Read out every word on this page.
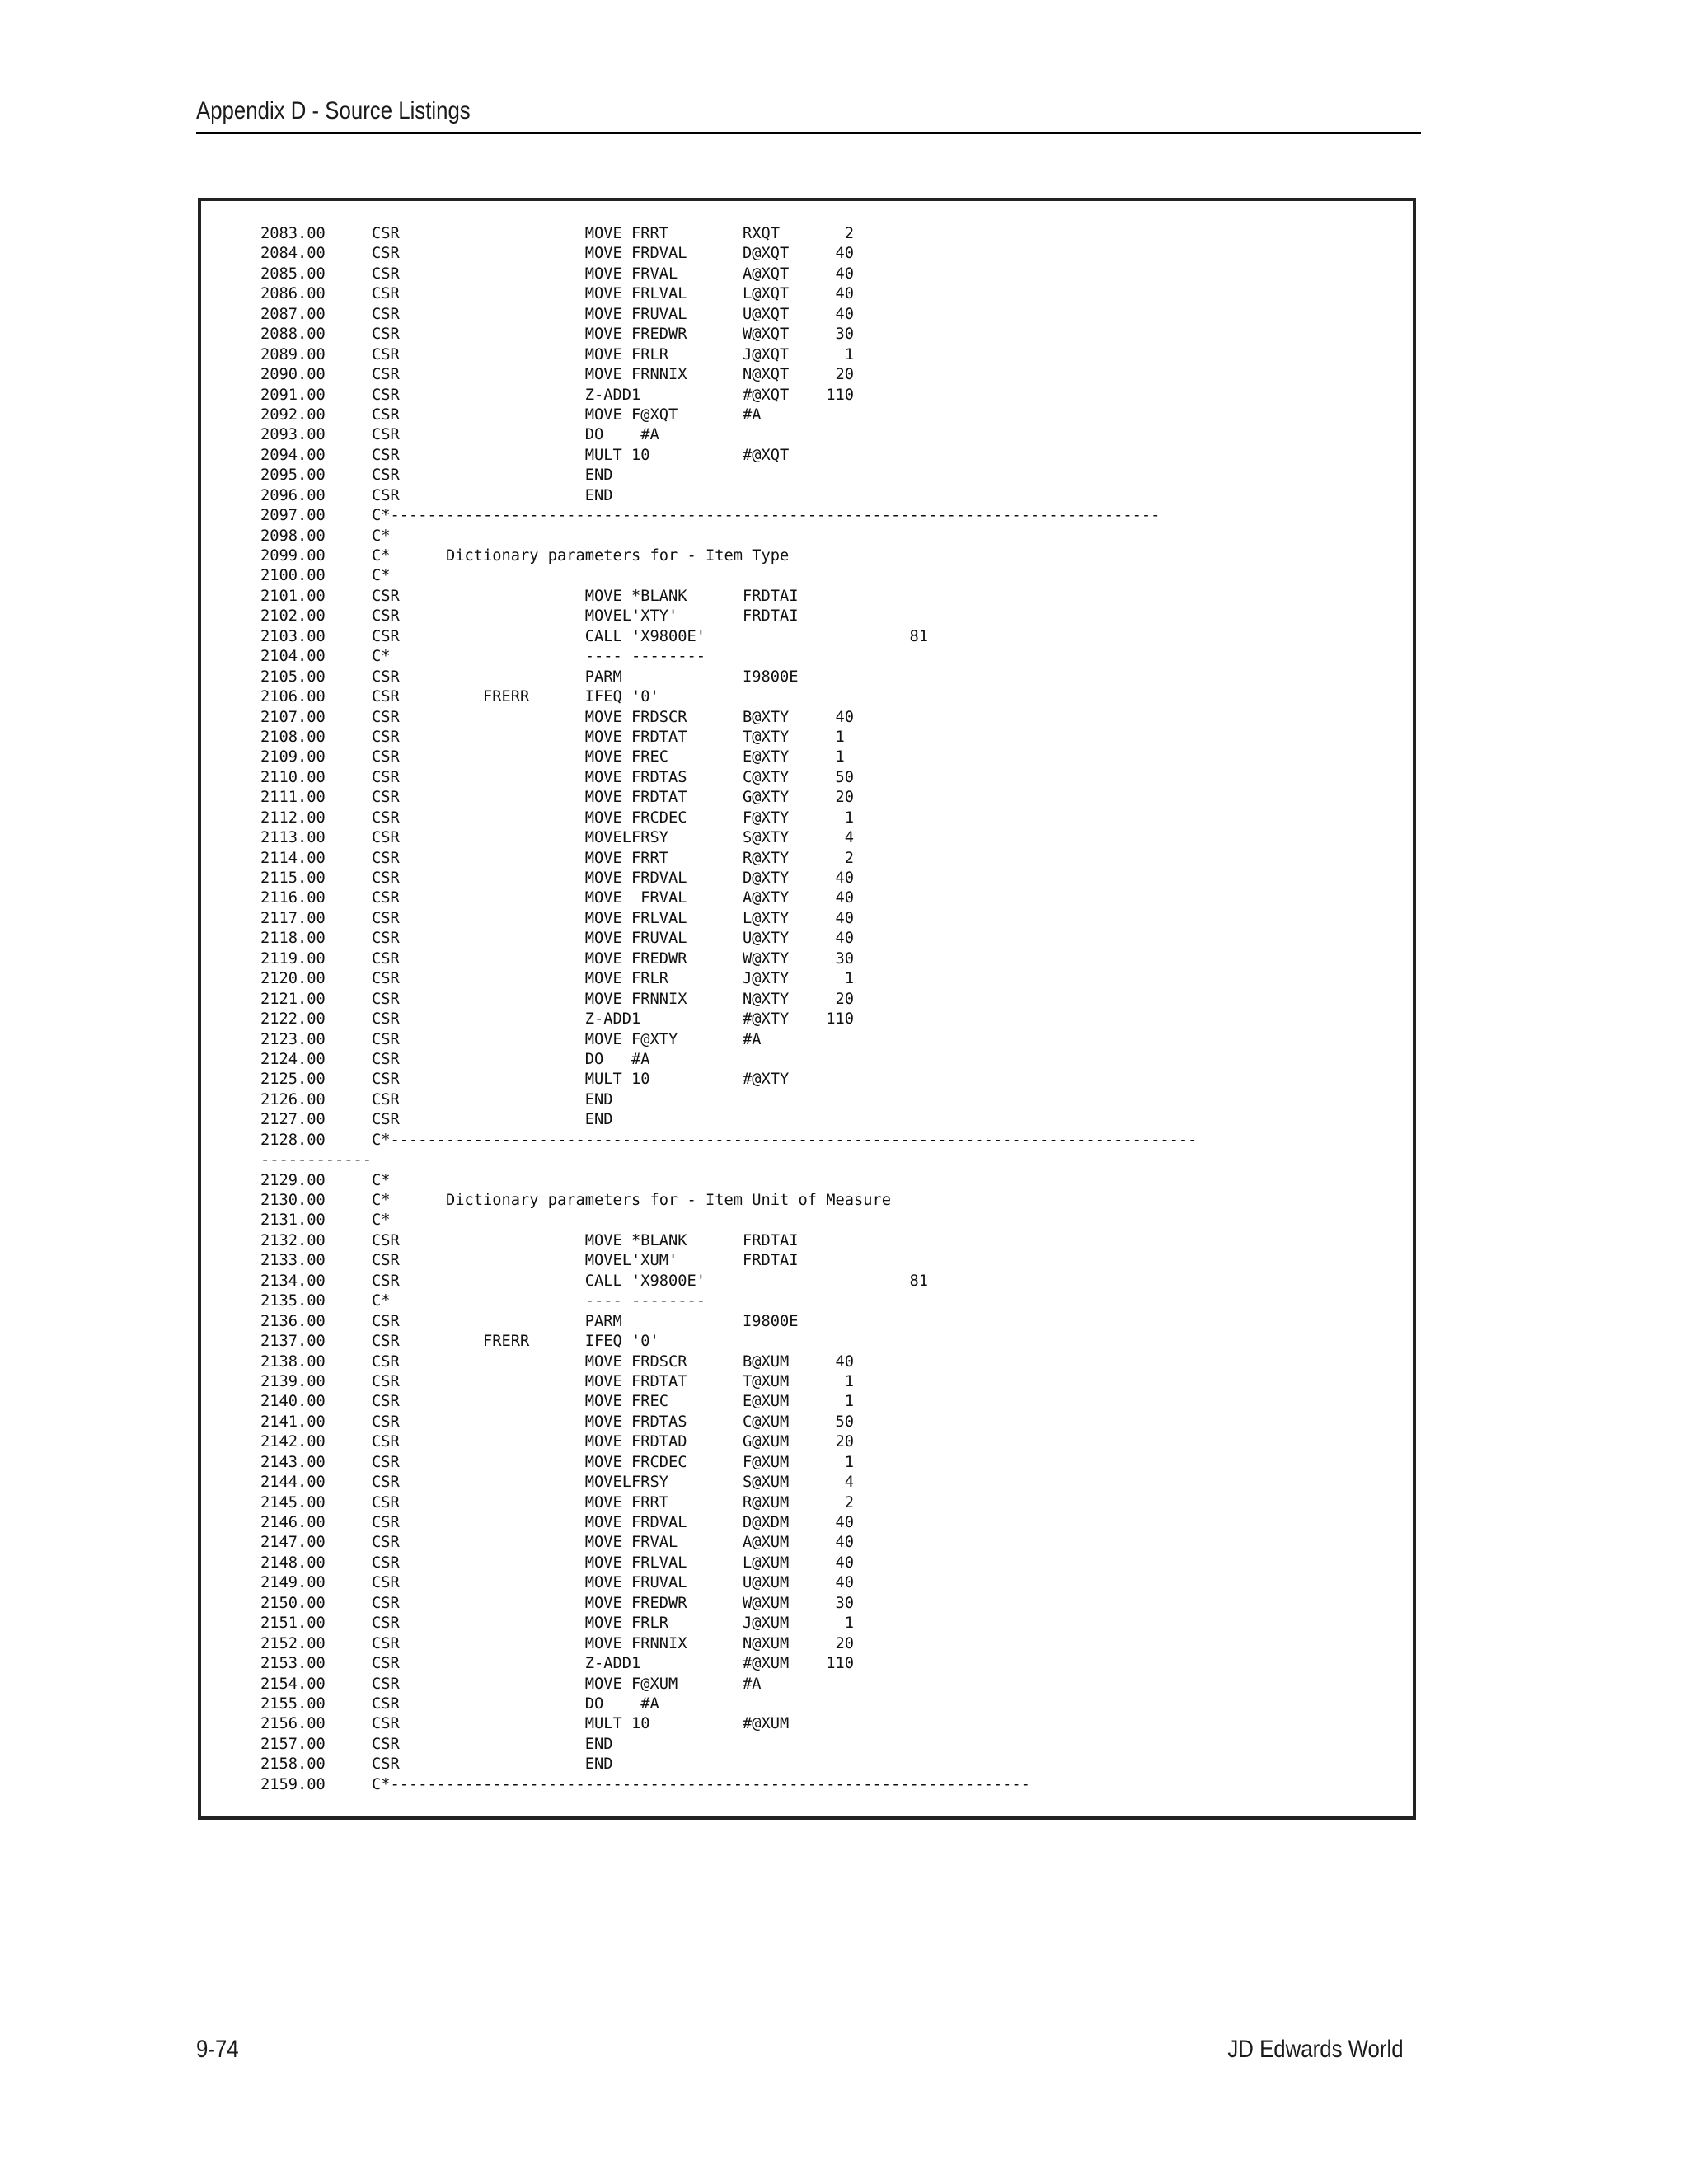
Appendix D - Source Listings
2083.00     CSR                    MOVE FRRT        RXQT       2
2084.00     CSR                    MOVE FRDVAL      D@XQT     40
2085.00     CSR                    MOVE FRVAL       A@XQT     40
2086.00     CSR                    MOVE FRLVAL      L@XQT     40
2087.00     CSR                    MOVE FRUVAL      U@XQT     40
2088.00     CSR                    MOVE FREDWR      W@XQT     30
2089.00     CSR                    MOVE FRLR        J@XQT      1
2090.00     CSR                    MOVE FRNNIX      N@XQT     20
2091.00     CSR                    Z-ADD1           #@XQT    110
2092.00     CSR                    MOVE F@XQT       #A
2093.00     CSR                    DO    #A
2094.00     CSR                    MULT 10          #@XQT
2095.00     CSR                    END
2096.00     CSR                    END
2097.00     C*-----------------------------------------------------------------------------------
2098.00     C*
2099.00     C*      Dictionary parameters for - Item Type
2100.00     C*
2101.00     CSR                    MOVE *BLANK      FRDTAI
2102.00     CSR                    MOVEL'XTY'       FRDTAI
2103.00     CSR                    CALL 'X9800E'                      81
2104.00     C*                     ---- --------
2105.00     CSR                    PARM             I9800E
2106.00     CSR         FRERR      IFEQ '0'
2107.00     CSR                    MOVE FRDSCR      B@XTY     40
2108.00     CSR                    MOVE FRDTAT      T@XTY     1
2109.00     CSR                    MOVE FREC        E@XTY     1
2110.00     CSR                    MOVE FRDTAS      C@XTY     50
2111.00     CSR                    MOVE FRDTAT      G@XTY     20
2112.00     CSR                    MOVE FRCDEC      F@XTY      1
2113.00     CSR                    MOVELFRSY        S@XTY      4
2114.00     CSR                    MOVE FRRT        R@XTY      2
2115.00     CSR                    MOVE FRDVAL      D@XTY     40
2116.00     CSR                    MOVE  FRVAL      A@XTY     40
2117.00     CSR                    MOVE FRLVAL      L@XTY     40
2118.00     CSR                    MOVE FRUVAL      U@XTY     40
2119.00     CSR                    MOVE FREDWR      W@XTY     30
2120.00     CSR                    MOVE FRLR        J@XTY      1
2121.00     CSR                    MOVE FRNNIX      N@XTY     20
2122.00     CSR                    Z-ADD1           #@XTY    110
2123.00     CSR                    MOVE F@XTY       #A
2124.00     CSR                    DO   #A
2125.00     CSR                    MULT 10          #@XTY
2126.00     CSR                    END
2127.00     CSR                    END
2128.00     C*---------------------------------------------------------------------------------------
------------
2129.00     C*
2130.00     C*      Dictionary parameters for - Item Unit of Measure
2131.00     C*
2132.00     CSR                    MOVE *BLANK      FRDTAI
2133.00     CSR                    MOVEL'XUM'       FRDTAI
2134.00     CSR                    CALL 'X9800E'                      81
2135.00     C*                     ---- --------
2136.00     CSR                    PARM             I9800E
2137.00     CSR         FRERR      IFEQ '0'
2138.00     CSR                    MOVE FRDSCR      B@XUM     40
2139.00     CSR                    MOVE FRDTAT      T@XUM      1
2140.00     CSR                    MOVE FREC        E@XUM      1
2141.00     CSR                    MOVE FRDTAS      C@XUM     50
2142.00     CSR                    MOVE FRDTAD      G@XUM     20
2143.00     CSR                    MOVE FRCDEC      F@XUM      1
2144.00     CSR                    MOVELFRSY        S@XUM      4
2145.00     CSR                    MOVE FRRT        R@XUM      2
2146.00     CSR                    MOVE FRDVAL      D@XDM     40
2147.00     CSR                    MOVE FRVAL       A@XUM     40
2148.00     CSR                    MOVE FRLVAL      L@XUM     40
2149.00     CSR                    MOVE FRUVAL      U@XUM     40
2150.00     CSR                    MOVE FREDWR      W@XUM     30
2151.00     CSR                    MOVE FRLR        J@XUM      1
2152.00     CSR                    MOVE FRNNIX      N@XUM     20
2153.00     CSR                    Z-ADD1           #@XUM    110
2154.00     CSR                    MOVE F@XUM       #A
2155.00     CSR                    DO    #A
2156.00     CSR                    MULT 10          #@XUM
2157.00     CSR                    END
2158.00     CSR                    END
2159.00     C*---------------------------------------------------------------------
9-74	JD Edwards World
